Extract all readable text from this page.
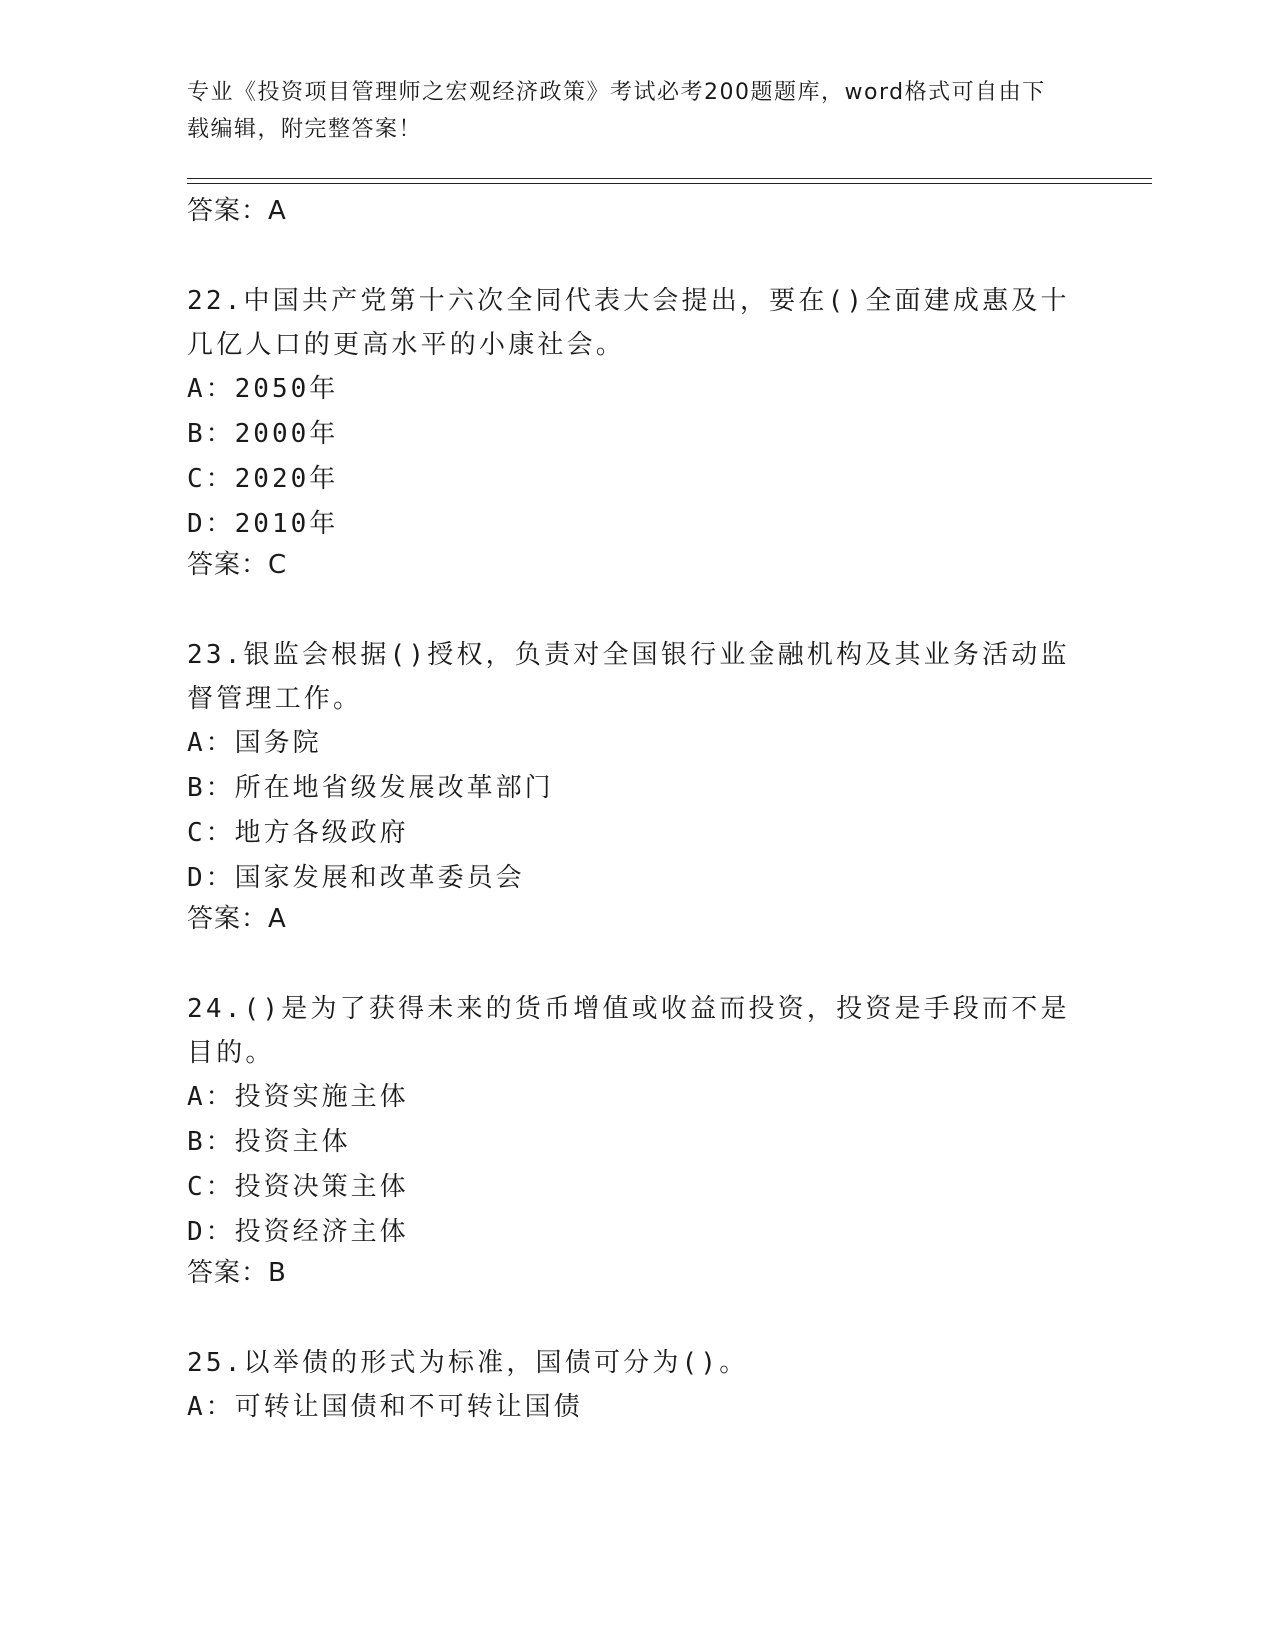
专业《投资项目管理师之宏观经济政策》考试必考200题题库，word格式可自由下载编辑，附完整答案！
答案：A
22.中国共产党第十六次全同代表大会提出，要在()全面建成惠及十几亿人口的更高水平的小康社会。
A：2050年
B：2000年
C：2020年
D：2010年
答案：C
23.银监会根据()授权，负责对全国银行业金融机构及其业务活动监督管理工作。
A：国务院
B：所在地省级发展改革部门
C：地方各级政府
D：国家发展和改革委员会
答案：A
24.()是为了获得未来的货币增值或收益而投资，投资是手段而不是目的。
A：投资实施主体
B：投资主体
C：投资决策主体
D：投资经济主体
答案：B
25.以举债的形式为标准，国债可分为()。
A：可转让国债和不可转让国债
